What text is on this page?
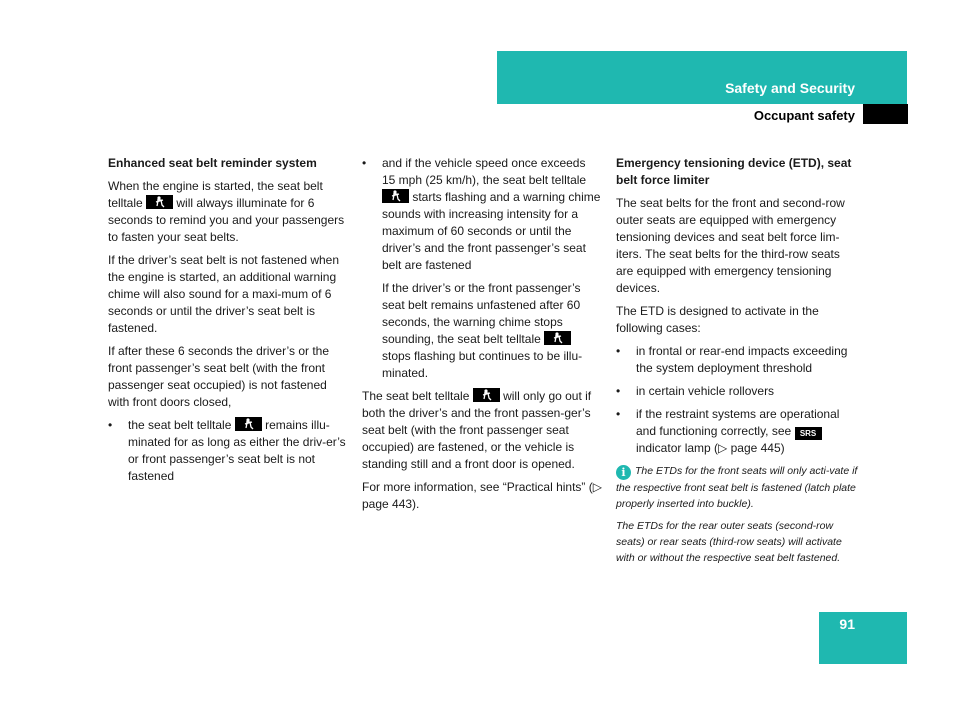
Safety and Security
Occupant safety

Enhanced seat belt reminder system

When the engine is started, the seat belt telltale	will always illuminate for 6 seconds to remind you and your passengers to fasten your seat belts.

If the driver’s seat belt is not fastened when the engine is started, an additional warning chime will also sound for a maxi-mum of 6 seconds or until the driver’s seat belt is fastened.

If after these 6 seconds the driver’s or the front passenger’s seat belt (with the front passenger seat occupied) is not fastened with front doors closed,

• the seat belt telltale	remains illu-minated for as long as either the driv-er’s or front passenger’s seat belt is not fastened
• and if the vehicle speed once exceeds 15 mph (25 km/h), the seat belt telltale
starts flashing and a warning chime sounds with increasing intensity for a maximum of 60 seconds or until the driver’s and the front passenger’s seat belt are fastened

If the driver’s or the front passenger’s seat belt remains unfastened after 60 seconds, the warning chime stops sounding, the seat belt telltale
stops flashing but continues to be illu-minated.

The seat belt telltale	will only go out if both the driver’s and the front passen-ger’s seat belt (with the front passenger seat occupied) are fastened, or the vehicle is standing still and a front door is opened.

For more information, see “Practical hints” (▷ page 443).

Emergency tensioning device (ETD), seat belt force limiter

The seat belts for the front and second-row outer seats are equipped with emergency tensioning devices and seat belt force lim-iters. The seat belts for the third-row seats are equipped with emergency tensioning devices.

The ETD is designed to activate in the following cases:

• in frontal or rear-end impacts exceeding the system deployment threshold
• in certain vehicle rollovers
• if the restraint systems are operational and functioning correctly, see SRS indicator lamp (▷ page 445)

i The ETDs for the front seats will only acti-vate if the respective front seat belt is fastened (latch plate properly inserted into buckle).

The ETDs for the rear outer seats (second-row seats) or rear seats (third-row seats) will activate with or without the respective seat belt fastened.

91
